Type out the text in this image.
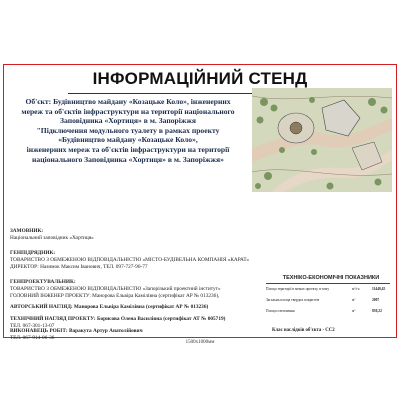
ІНФОРМАЦІЙНИЙ СТЕНД
Об'єкт: Будівництво майдану «Козацьке Коло», інженерних
мереж та об'єктів інфраструктури на території національного
Заповідника «Хортиця» в м. Запоріжжя
"Підключення модульного туалету в рамках проекту
«Будівництво майдану «Козацьке Коло»,
інженерних мереж та об'єктів інфраструктури на території
національного Заповідника «Хортиця» в м. Запоріжжя»
ЗАМОВНИК:
Національний заповідник «Хортиця»
ГЕНПІДРЯДНИК:
ТОВАРИСТВО З ОБМЕЖЕНОЮ ВІДПОВІДАЛЬНІСТЮ «МІСТО-БУДІВЕЛЬНА КОМПАНІЯ «КАРАТ»
ДИРЕКТОР: Назимок Максим Іванович, ТЕЛ. 097-727-90-77
ГЕНПРОЕКТУВАЛЬНИК:
ТОВАРИСТВО З ОБМЕЖЕНОЮ ВІДПОВІДАЛЬНІСТЮ «Запорізький проектний інститут»
ГОЛОВНИЙ ІНЖЕНЕР ПРОЕКТУ: Манорова Ельвіра Камілівна (сертифікат АР № 013236),
АВТОРСЬКИЙ НАГЛЯД: Манорова Ельвіра Камілівна (сертифікат АР № 013236)
ТЕХНІЧНИЙ НАГЛЯД ПРОЕКТУ: Борисова Олена Василівна (сертифікат АТ № 005719)
ТЕЛ. 067-301-13-07
ВИКОНАВЕЦЬ РОБІТ: Варакута Артур Анатолійович
ТЕЛ. 067-914-06-36
ТЕХНІКО-ЕКОНОМІЧНІ ПОКАЗНИКИ
Площа території в межах проекту, в тому	м²/га	11440,45
Загальна площа твердих покриттів	м²	2007
Площа озеленення	м²	850,22
Клас наслідків об'єкта - СС2
1500х1000мм
